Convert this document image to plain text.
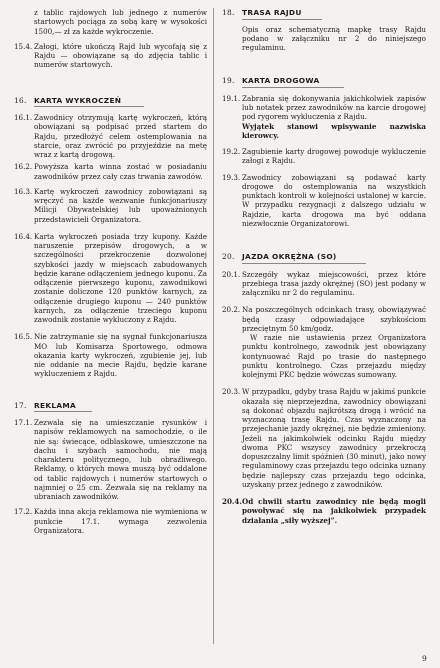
z tablic rajdowych lub jednego z numerów startowych pociąga za sobą karę w wysokości 1500,— zł za każde wykroczenie.
15.4. Załogi, które ukończą Rajd lub wycofają się z Rajdu — obowiązane są do zdjęcia tablic i numerów startowych.
16. KARTA WYKROCZEŃ
16.1. Zawodnicy otrzymują kartę wykroczeń, którą obowiązani są podpisać przed startem do Rajdu, przedłożyć celem ostemplowania na starcie, oraz zwrócić po przyjeździe na metę wraz z kartą drogową.
16.2. Powyższa karta winna zostać w posiadaniu zawodników przez cały czas trwania zawodów.
16.3. Kartę wykroczeń zawodnicy zobowiązani są wręczyć na każde wezwanie funkcjonariuszy Milicji Obywatelskiej lub upoważnionych przedstawicieli Organizatora.
16.4. Karta wykroczeń posiada trzy kupony. Każde naruszenie przepisów drogowych, a w szczególności przekroczenie dozwolonej szybkości jazdy w miejscach zabudowanych będzie karane odłączeniem jednego kuponu. Za odłączenie pierwszego kuponu, zawodnikowi zostanie doliczone 120 punktów karnych, za odłączenie drugiego kuponu — 240 punktów karnych, za odłączenie trzeciego kuponu zawodnik zostanie wykluczony z Rajdu.
16.5. Nie zatrzymanie się na sygnał funkcjonariusza MO lub Komisarza Sportowego, odmowa okazania karty wykroczeń, zgubienie jej, lub nie oddanie na mecie Rajdu, będzie karane wykluczeniem z Rajdu.
17. REKLAMA
17.1. Zezwala się na umieszczanie rysunków i napisów reklamowych na samochodzie, o ile nie są: świecące, odblaskowe, umieszczone na dachu i szybach samochodu, nie mają charakteru politycznego, lub obraźliwego. Reklamy, o których mowa muszą być oddalone od tablic rajdowych i numerów startowych o najmniej o 25 cm. Zezwala się na reklamy na ubraniach zawodników.
17.2. Każda inna akcja reklamowa nie wymieniona w punkcie 17.1. wymaga zezwolenia Organizatora.
18. TRASA RAJDU
Opis oraz schematyczną mapkę trasy Rajdu podano w załączniku nr 2 do niniejszego regulaminu.
19. KARTA DROGOWA
19.1. Zabrania się dokonywania jakichkolwiek zapisów lub notatek przez zawodników na karcie drogowej pod rygorem wykluczenia z Rajdu.
Wyjątek stanowi wpisywanie nazwiska kierowcy.
19.2. Zagubienie karty drogowej powoduje wykluczenie załogi z Rajdu.
19.3. Zawodnicy zobowiązani są podawać karty drogowe do ostemplowania na wszystkich punktach kontroli w kolejności ustalonej w karcie. W przypadku rezygnacji z dalszego udziału w Rajdzie, karta drogowa ma być oddana niezwłocznie Organizatorowi.
20. JAZDA OKRĘŻNA (SO)
20.1. Szczegóły wykaz miejscowości, przez które przebiega trasa jazdy okrężnej (SO) jest podany w załączniku nr 2 do regulaminu.
20.2. Na poszczególnych odcinkach trasy, obowiązywać będą czasy odpowiadające szybkościom przeciętnym 50 km/godz.
W razie nie ustawienia przez Organizatora punktu kontrolnego, zawodnik jest obowiązany kontynuować Rajd po trasie do następnego punktu kontrolnego. Czas przejazdu między kolejnymi PKC będzie wówczas sumowany.
20.3. W przypadku, gdyby trasa Rajdu w jakimś punkcie okazała się nieprzejezdna, zawodnicy obowiązani są dokonać objazdu najkrótszą drogą i wrócić na wyznaczoną trasę Rajdu. Czas wyznaczony na przejechanie jazdy okrężnej, nie będzie zmieniony. Jeżeli na jakimkolwiek odcinku Rajdu między dwoma PKC wszyscy zawodnicy przekroczą dopuszczalny limit spóźnień (30 minut), jako nowy regulaminowy czas przejazdu tego odcinka uznany będzie najlepszy czas przejazdu tego odcinka, uzyskany przez jednego z zawodników.
20.4. Od chwili startu zawodnicy nie będą mogli powoływać się na jakikolwiek przypadek działania „siły wyższej”.
9
